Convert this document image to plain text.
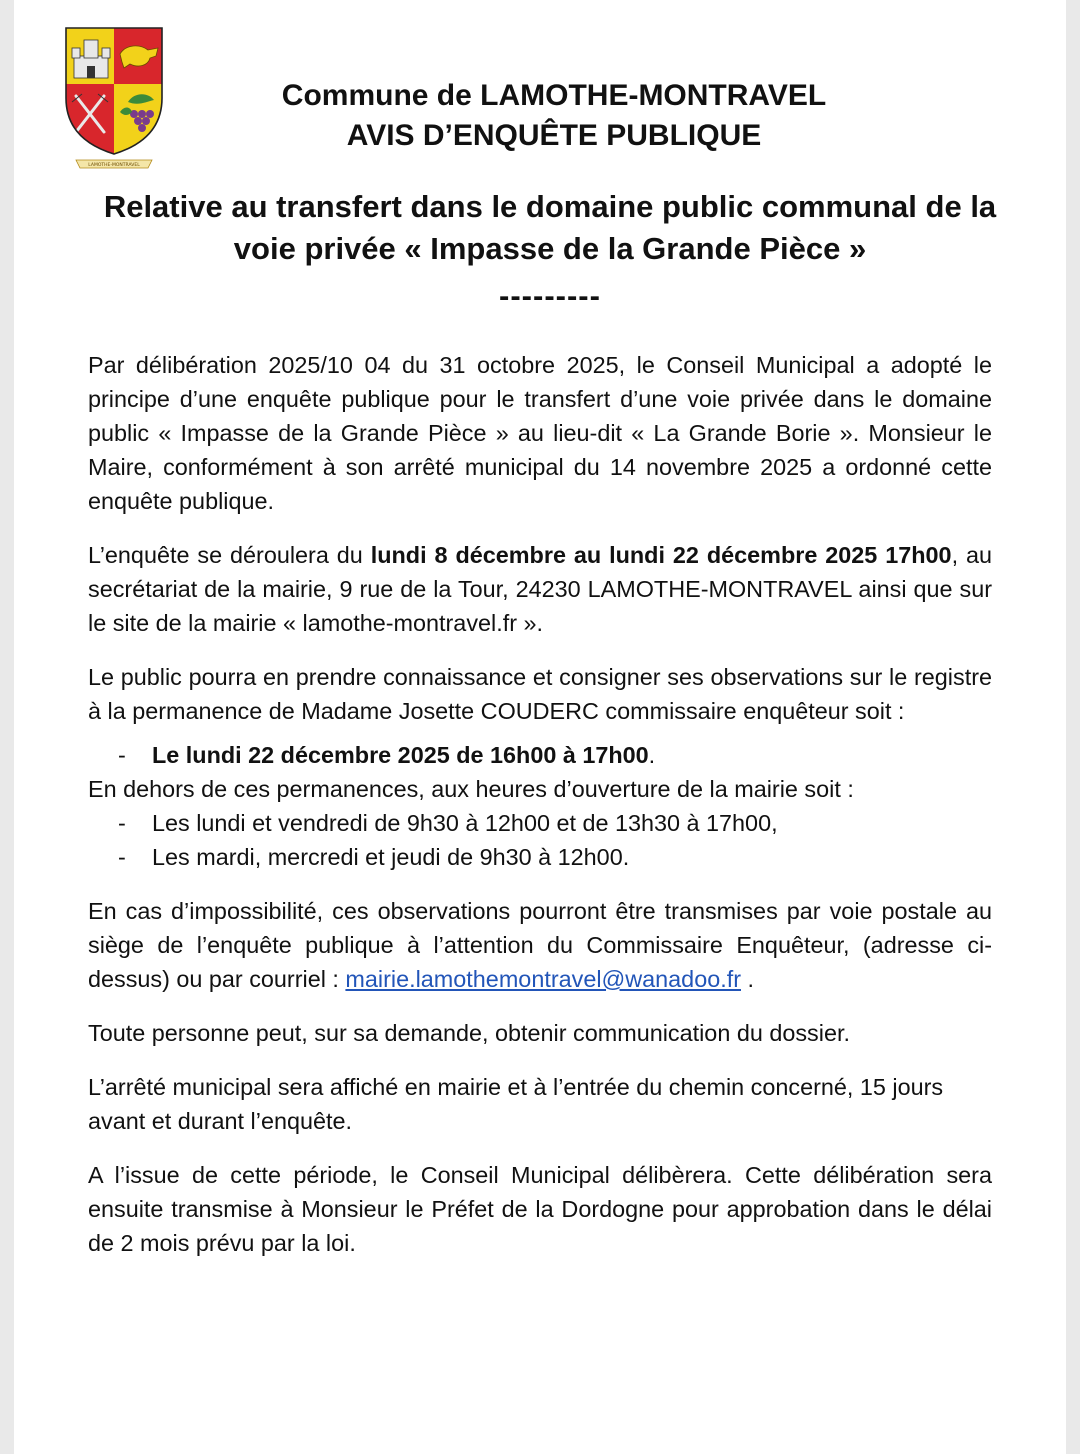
LAMOTHE-MONTRAVEL
Commune de LAMOTHE-MONTRAVEL
AVIS D’ENQUÊTE PUBLIQUE
Relative au transfert dans le domaine public communal de la
voie privée « Impasse de la Grande Pièce »
---------

Par délibération 2025/10 04 du 31 octobre 2025, le Conseil Municipal a adopté le principe d’une enquête publique pour le transfert d’une voie privée dans le domaine public « Impasse de la Grande Pièce » au lieu-dit « La Grande Borie ». Monsieur le Maire, conformément à son arrêté municipal du 14 novembre 2025 a ordonné cette enquête publique.

L’enquête se déroulera du lundi 8 décembre au lundi 22 décembre 2025 17h00, au secrétariat de la mairie, 9 rue de la Tour, 24230 LAMOTHE-MONTRAVEL ainsi que sur le site de la mairie « lamothe-montravel.fr ».

Le public pourra en prendre connaissance et consigner ses observations sur le registre à la permanence de Madame Josette COUDERC commissaire enquêteur soit :

- Le lundi 22 décembre 2025 de 16h00 à 17h00.
En dehors de ces permanences, aux heures d’ouverture de la mairie soit :
- Les lundi et vendredi de 9h30 à 12h00 et de 13h30 à 17h00,
- Les mardi, mercredi et jeudi de 9h30 à 12h00.

En cas d’impossibilité, ces observations pourront être transmises par voie postale au siège de l’enquête publique à l’attention du Commissaire Enquêteur, (adresse ci-dessus) ou par courriel : mairie.lamothemontravel@wanadoo.fr .

Toute personne peut, sur sa demande, obtenir communication du dossier.

L’arrêté municipal sera affiché en mairie et à l’entrée du chemin concerné, 15 jours avant et durant l’enquête.

A l’issue de cette période, le Conseil Municipal délibèrera. Cette délibération sera ensuite transmise à Monsieur le Préfet de la Dordogne pour approbation dans le délai de 2 mois prévu par la loi.
